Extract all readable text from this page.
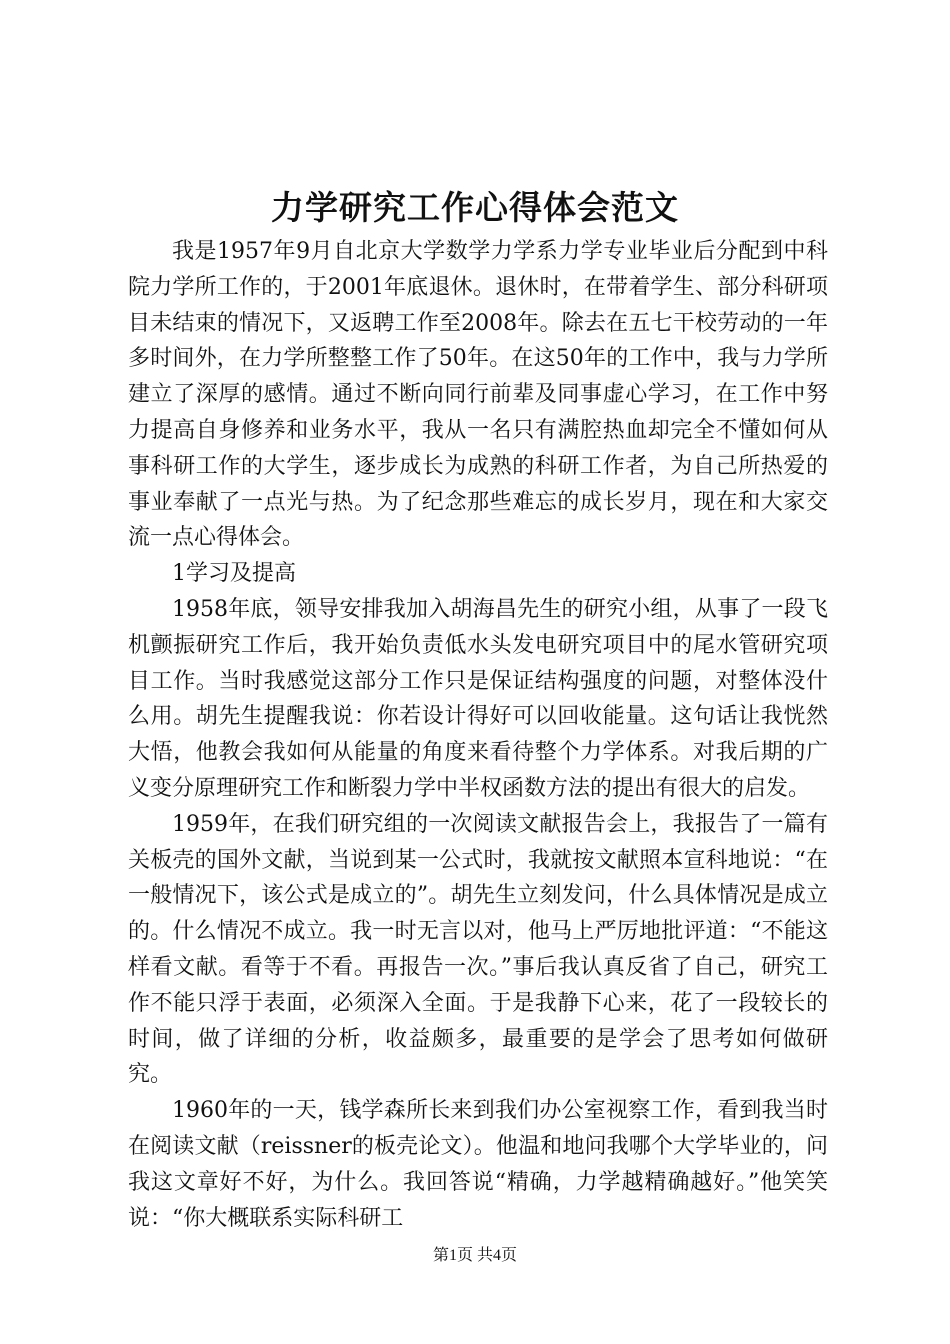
力学研究工作心得体会范文

我是1957年9月自北京大学数学力学系力学专业毕业后分配到中科院力学所工作的，于2001年底退休。退休时，在带着学生、部分科研项目未结束的情况下，又返聘工作至2008年。除去在五七干校劳动的一年多时间外，在力学所整整工作了50年。在这50年的工作中，我与力学所建立了深厚的感情。通过不断向同行前辈及同事虚心学习，在工作中努力提高自身修养和业务水平，我从一名只有满腔热血却完全不懂如何从事科研工作的大学生，逐步成长为成熟的科研工作者，为自己所热爱的事业奉献了一点光与热。为了纪念那些难忘的成长岁月，现在和大家交流一点心得体会。

1学习及提高

1958年底，领导安排我加入胡海昌先生的研究小组，从事了一段飞机颤振研究工作后，我开始负责低水头发电研究项目中的尾水管研究项目工作。当时我感觉这部分工作只是保证结构强度的问题，对整体没什么用。胡先生提醒我说：你若设计得好可以回收能量。这句话让我恍然大悟，他教会我如何从能量的角度来看待整个力学体系。对我后期的广义变分原理研究工作和断裂力学中半权函数方法的提出有很大的启发。

1959年，在我们研究组的一次阅读文献报告会上，我报告了一篇有关板壳的国外文献，当说到某一公式时，我就按文献照本宣科地说：“在一般情况下，该公式是成立的”。胡先生立刻发问，什么具体情况是成立的。什么情况不成立。我一时无言以对，他马上严厉地批评道：“不能这样看文献。看等于不看。再报告一次。”事后我认真反省了自己，研究工作不能只浮于表面，必须深入全面。于是我静下心来，花了一段较长的时间，做了详细的分析，收益颇多，最重要的是学会了思考如何做研究。

1960年的一天，钱学森所长来到我们办公室视察工作，看到我当时在阅读文献（reissner的板壳论文）。他温和地问我哪个大学毕业的，问我这文章好不好，为什么。我回答说“精确，力学越精确越好。”他笑笑说：“你大概联系实际科研工

第1页 共4页
